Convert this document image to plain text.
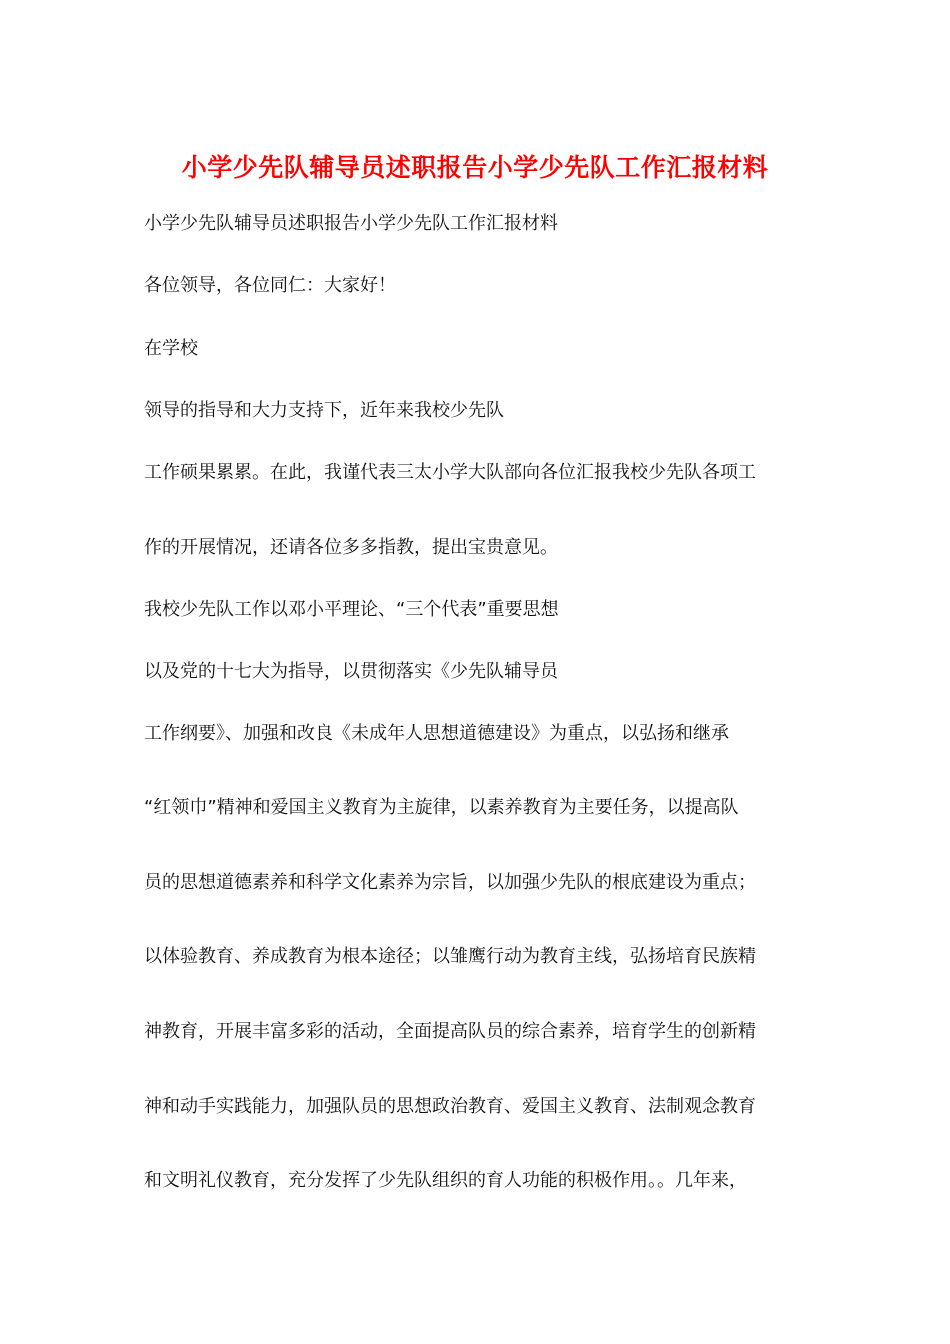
小学少先队辅导员述职报告小学少先队工作汇报材料
小学少先队辅导员述职报告小学少先队工作汇报材料
各位领导，各位同仁：大家好！
在学校
领导的指导和大力支持下，近年来我校少先队
工作硕果累累。在此，我谨代表三太小学大队部向各位汇报我校少先队各项工
作的开展情况，还请各位多多指教，提出宝贵意见。
我校少先队工作以邓小平理论、“三个代表”重要思想
以及党的十七大为指导，以贯彻落实《少先队辅导员
工作纲要》、加强和改良《未成年人思想道德建设》为重点，以弘扬和继承
“红领巾”精神和爱国主义教育为主旋律，以素养教育为主要任务，以提高队
员的思想道德素养和科学文化素养为宗旨，以加强少先队的根底建设为重点；
以体验教育、养成教育为根本途径；以雏鹰行动为教育主线，弘扬培育民族精
神教育，开展丰富多彩的活动，全面提高队员的综合素养，培育学生的创新精
神和动手实践能力，加强队员的思想政治教育、爱国主义教育、法制观念教育
和文明礼仪教育，充分发挥了少先队组织的育人功能的积极作用。。几年来，
